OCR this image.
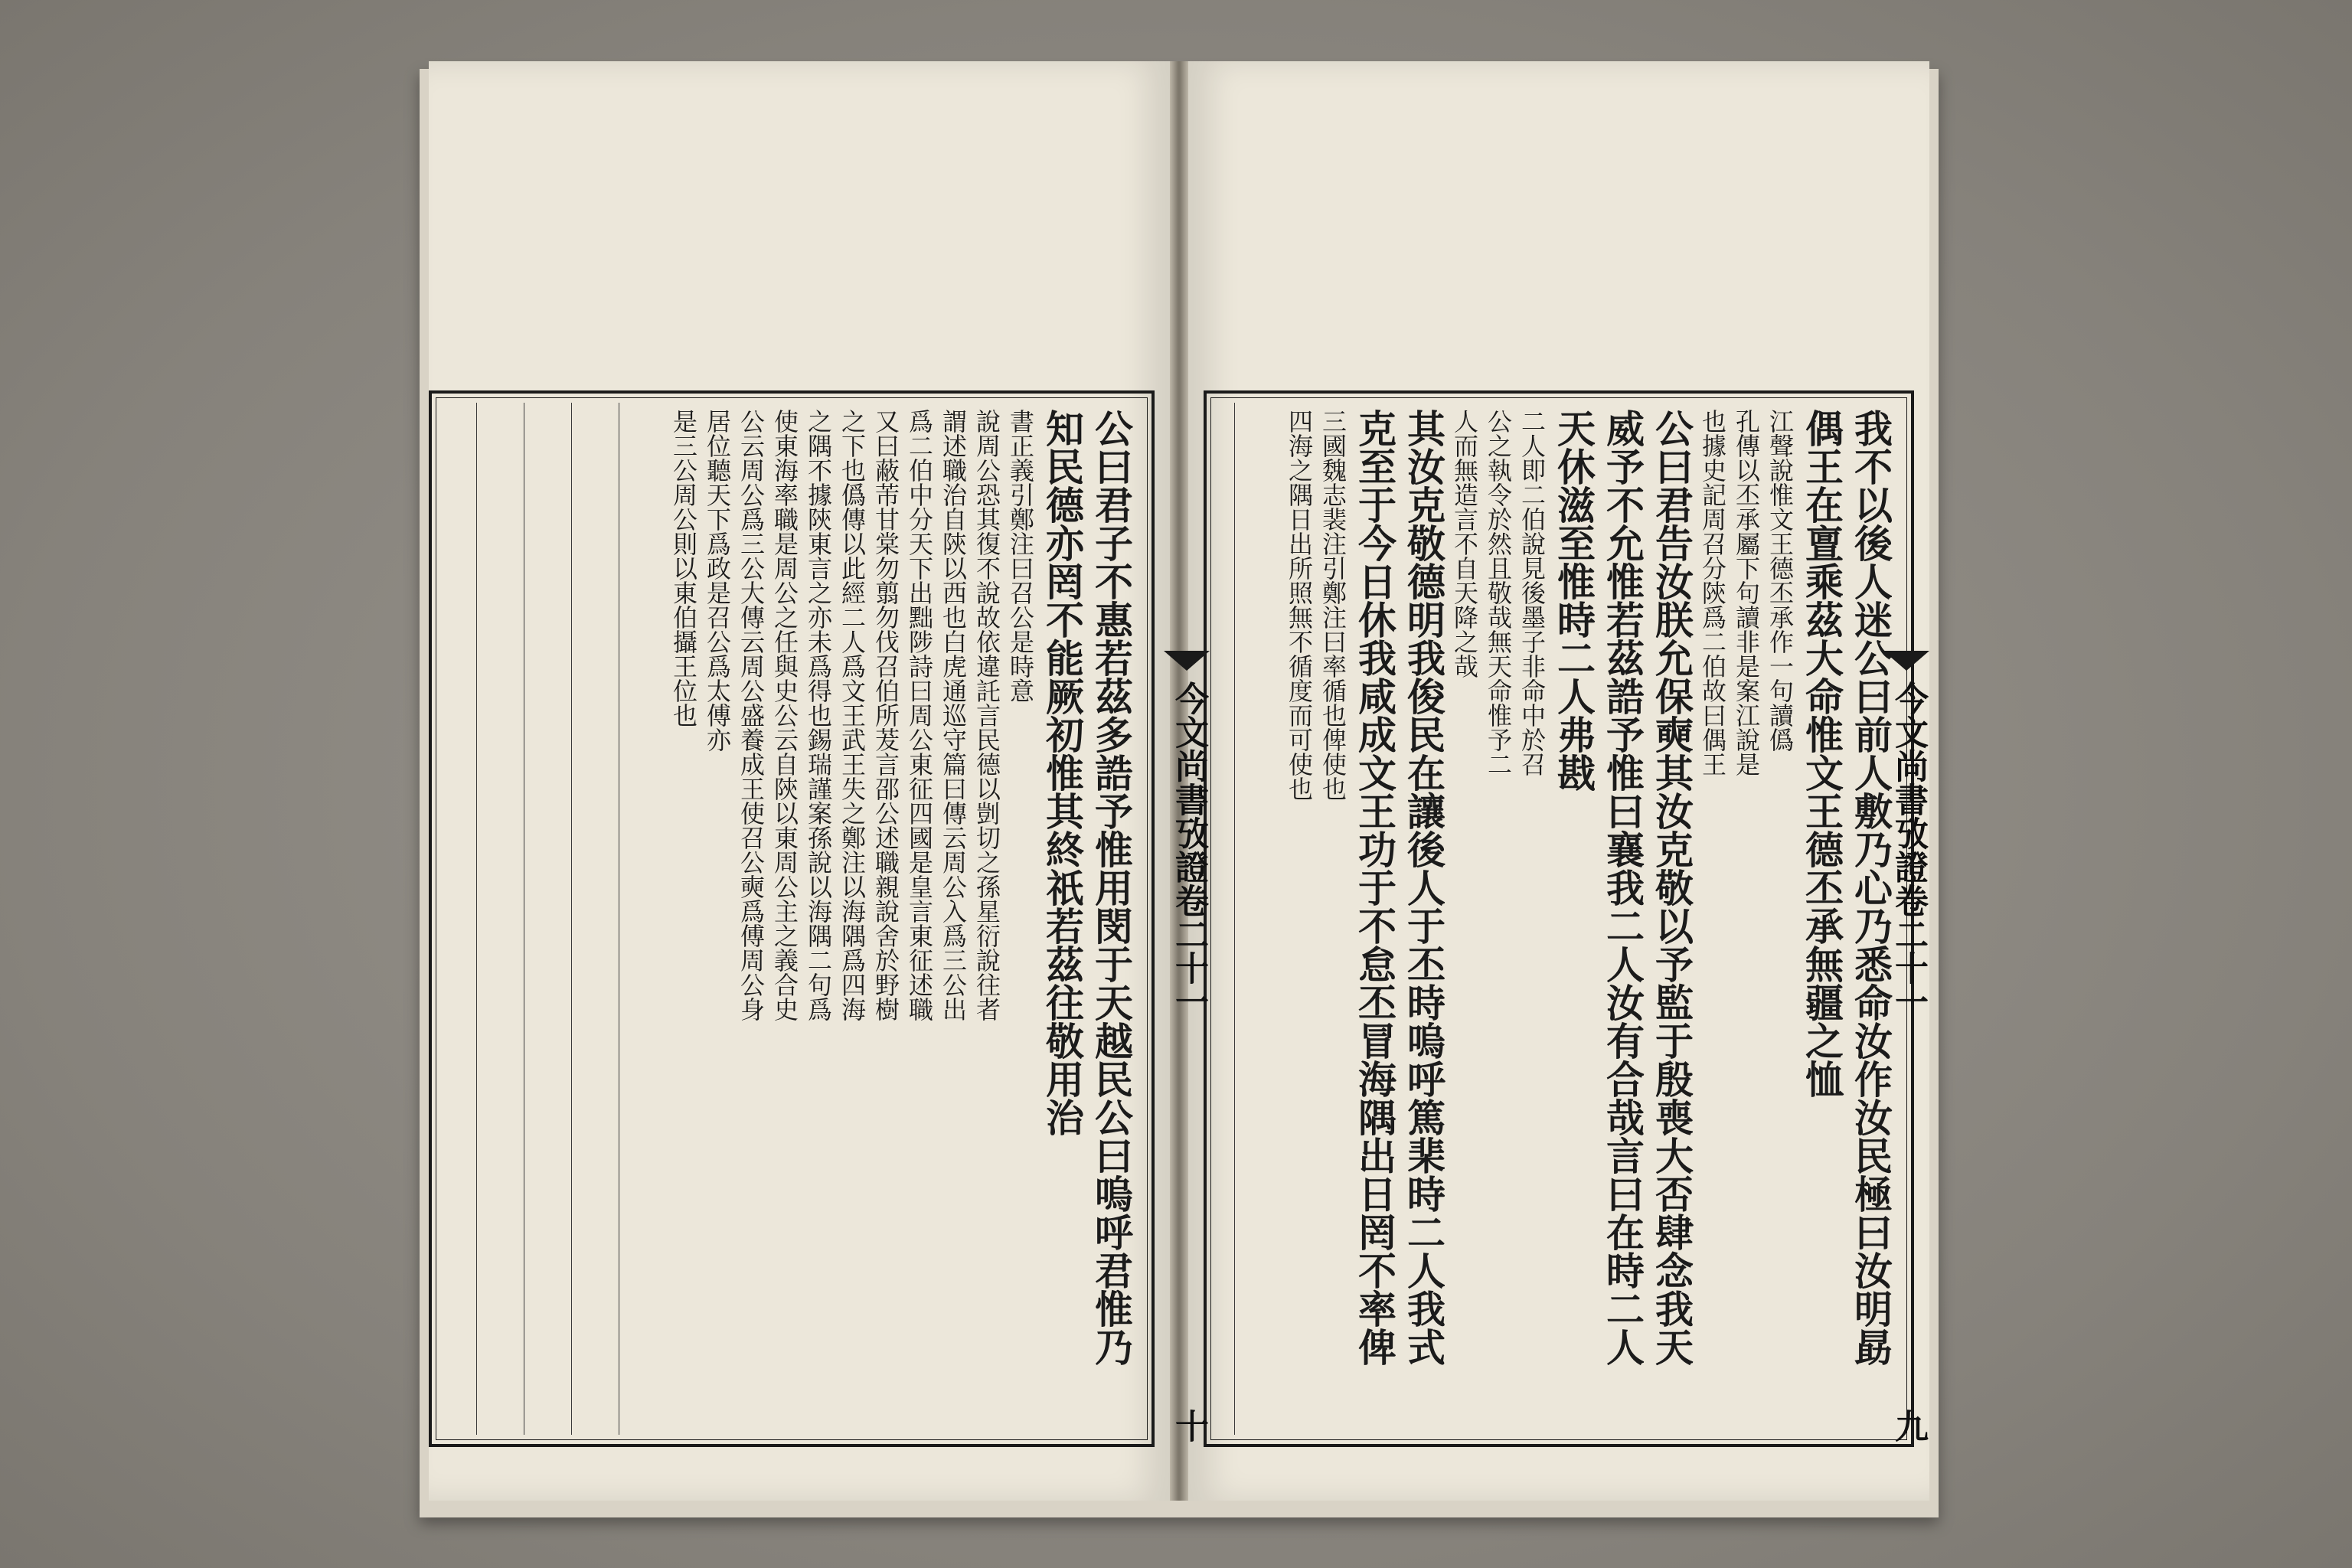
公曰君子不惠若茲多誥予惟用閔于天越民公曰嗚呼君惟乃
知民德亦罔不能厥初惟其終祇若茲往敬用治
書正義引鄭注曰召公是時意
說周公恐其復不說故依違託言民德以剴切之孫星衍說往者
謂述職治自陝以西也白虎通巡守篇曰傳云周公入爲三公出
爲二伯中分天下出黜陟詩曰周公東征四國是皇言東征述職
又曰蔽芾甘棠勿翦勿伐召伯所茇言邵公述職親說舍於野樹
之下也僞傳以此經二人爲文王武王失之鄭注以海隅爲四海
之隅不據陝東言之亦未爲得也錫瑞謹案孫說以海隅二句爲
使東海率職是周公之任與史公云自陝以東周公主之義合史
公云周公爲三公大傳云周公盛養成王使召公奭爲傅周公身
居位聽天下爲政是召公爲太傅亦
是三公周公則以東伯攝王位也	我不以後人迷公曰前人敷乃心乃悉命汝作汝民極曰汝明勗
偶王在亶乘茲大命惟文王德丕承無疆之恤
江聲說惟文王德丕承作一句讀僞
孔傳以丕承屬下句讀非是案江說是
也據史記周召分陝爲二伯故曰偶王
公曰君告汝朕允保奭其汝克敬以予監于殷喪大否肆念我天
威予不允惟若茲誥予惟曰襄我二人汝有合哉言曰在時二人
天休滋至惟時二人弗戡
二人即二伯說見後墨子非命中於召
公之執令於然且敬哉無天命惟予二
人而無造言不自天降之哉
其汝克敬德明我俊民在讓後人于丕時嗚呼篤棐時二人我式
克至于今日休我咸成文王功于不怠丕冒海隅出日罔不率俾
三國魏志裴注引鄭注曰率循也俾使也
四海之隅日出所照無不循度而可使也
今文尚書攷證卷二十一
十
今文尚書攷證卷二十一
九
